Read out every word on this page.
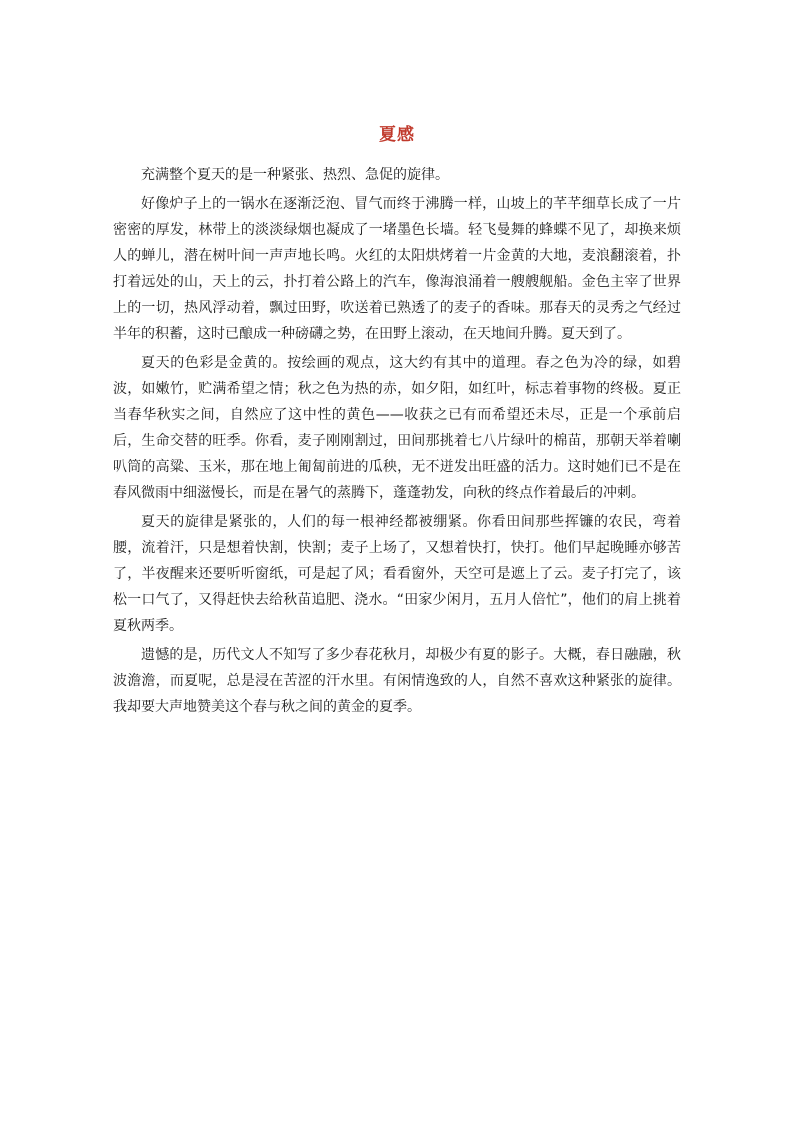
夏感

充满整个夏天的是一种紧张、热烈、急促的旋律。

好像炉子上的一锅水在逐渐泛泡、冒气而终于沸腾一样，山坡上的芊芊细草长成了一片密密的厚发，林带上的淡淡绿烟也凝成了一堵墨色长墙。轻飞曼舞的蜂蝶不见了，却换来烦人的蝉儿，潜在树叶间一声声地长鸣。火红的太阳烘烤着一片金黄的大地，麦浪翻滚着，扑打着远处的山，天上的云，扑打着公路上的汽车，像海浪涌着一艘艘舰船。金色主宰了世界上的一切，热风浮动着，飘过田野，吹送着已熟透了的麦子的香味。那春天的灵秀之气经过半年的积蓄，这时已酿成一种磅礴之势，在田野上滚动，在天地间升腾。夏天到了。

夏天的色彩是金黄的。按绘画的观点，这大约有其中的道理。春之色为冷的绿，如碧波，如嫩竹，贮满希望之情；秋之色为热的赤，如夕阳，如红叶，标志着事物的终极。夏正当春华秋实之间，自然应了这中性的黄色——收获之已有而希望还未尽，正是一个承前启后，生命交替的旺季。你看，麦子刚刚割过，田间那挑着七八片绿叶的棉苗，那朝天举着喇叭筒的高粱、玉米，那在地上匍匐前进的瓜秧，无不迸发出旺盛的活力。这时她们已不是在春风微雨中细滋慢长，而是在暑气的蒸腾下，蓬蓬勃发，向秋的终点作着最后的冲刺。

夏天的旋律是紧张的，人们的每一根神经都被绷紧。你看田间那些挥镰的农民，弯着腰，流着汗，只是想着快割，快割；麦子上场了，又想着快打，快打。他们早起晚睡亦够苦了，半夜醒来还要听听窗纸，可是起了风；看看窗外，天空可是遮上了云。麦子打完了，该松一口气了，又得赶快去给秋苗追肥、浇水。“田家少闲月，五月人倍忙”，他们的肩上挑着夏秋两季。

遗憾的是，历代文人不知写了多少春花秋月，却极少有夏的影子。大概，春日融融，秋波澹澹，而夏呢，总是浸在苦涩的汗水里。有闲情逸致的人，自然不喜欢这种紧张的旋律。我却要大声地赞美这个春与秋之间的黄金的夏季。
